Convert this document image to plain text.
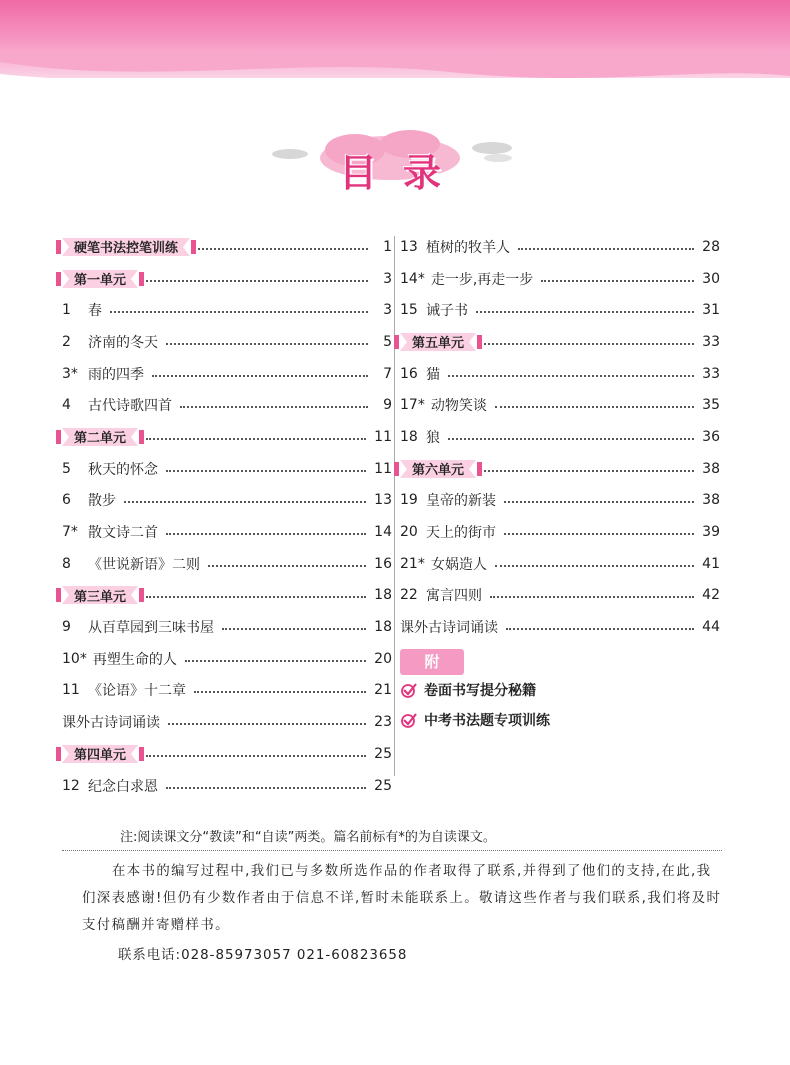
目录
硬笔书法控笔训练	1
第一单元	3
1	春	3
2	济南的冬天	5
3* 雨的四季	7
4	古代诗歌四首	9
第二单元	11
5	秋天的怀念	11
6	散步	13
7* 散文诗二首	14
8	《世说新语》二则	16
第三单元	18
9	从百草园到三味书屋	18
10* 再塑生命的人	20
11 《论语》十二章	21
课外古诗词诵读	23
第四单元	25
12 纪念白求恩	25
13 植树的牧羊人	28
14* 走一步,再走一步	30
15 诫子书	31
第五单元	33
16 猫	33
17* 动物笑谈	35
18 狼	36
第六单元	38
19 皇帝的新装	38
20 天上的街市	39
21* 女娲造人	41
22 寓言四则	42
课外古诗词诵读	44
附
卷面书写提分秘籍
中考书法题专项训练
注:阅读课文分“教读”和“自读”两类。篇名前标有*的为自读课文。
在本书的编写过程中,我们已与多数所选作品的作者取得了联系,并得到了他们的支持,在此,我们深表感谢!但仍有少数作者由于信息不详,暂时未能联系上。敬请这些作者与我们联系,我们将及时支付稿酬并寄赠样书。
联系电话:028-85973057 021-60823658
